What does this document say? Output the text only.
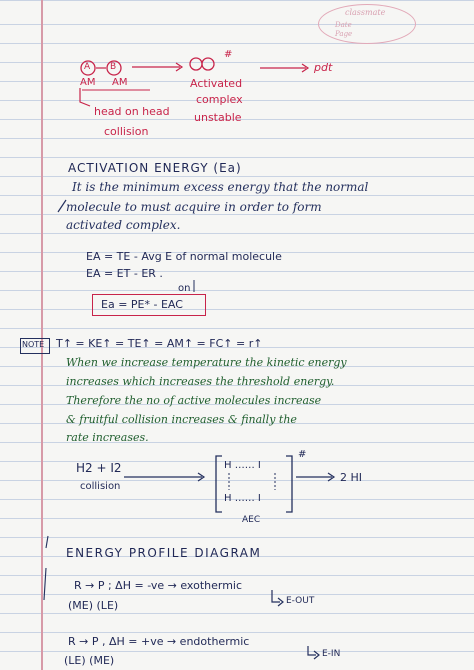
classmate
Date
Page
A B
AM AM
#
Activated
complex
unstable
pdt
head on head
collision
ACTIVATION ENERGY (Ea)
It is the minimum excess energy that the normal
molecule to must acquire in order to form
activated complex.
EA = TE - Avg E of normal molecule
EA = ET - ER .
on
Ea = PE* - EAC
NOTE T↑ = KE↑ = TE↑ = AM↑ = FC↑ = r↑
When we increase temperature the kinetic energy
increases which increases the threshold energy.
Therefore the no of active molecules increase
& fruitful collision increases & finally the
rate increases.
H2 + I2
collision
H …… I
H …… I
#
2 HI
AEC
ENERGY PROFILE DIAGRAM
R → P ; ΔH = -ve → exothermic
(ME) (LE)	E-OUT
R → P , ΔH = +ve → endothermic
(LE) (ME)	E-IN
